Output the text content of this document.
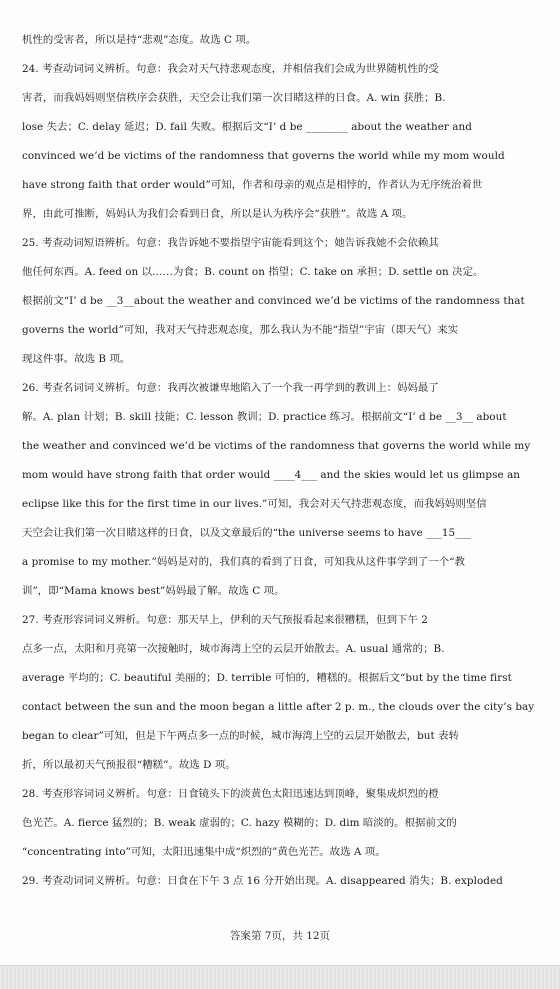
机性的受害者，所以是持“悲观”态度。故选 C 项。
24. 考查动词词义辨析。句意：我会对天气持悲观态度，并相信我们会成为世界随机性的受
害者，而我妈妈则坚信秩序会获胜，天空会让我们第一次目睹这样的日食。A. win 获胜；B.
lose 失去；C. delay 延迟；D. fail 失败。根据后文“I’ d be ________ about the weather and
convinced we’d be victims of the randomness that governs the world while my mom would
have strong faith that order would”可知，作者和母亲的观点是相悖的，作者认为无序统治着世
界，由此可推断，妈妈认为我们会看到日食，所以是认为秩序会“获胜”。故选 A 项。
25. 考查动词短语辨析。句意：我告诉她不要指望宇宙能看到这个；她告诉我她不会依赖其
他任何东西。A. feed on 以……为食；B. count on 指望；C. take on 承担；D. settle on 决定。
根据前文“I’ d be __3__about the weather and convinced we’d be victims of the randomness that
governs the world”可知，我对天气持悲观态度，那么我认为不能“指望”宇宙（即天气）来实
现这件事。故选 B 项。
26. 考查名词词义辨析。句意：我再次被谦卑地陷入了一个我一再学到的教训上：妈妈最了
解。A. plan 计划；B. skill 技能；C. lesson 教训；D. practice 练习。根据前文“I’ d be __3__ about
the weather and convinced we’d be victims of the randomness that governs the world while my
mom would have strong faith that order would ____4___ and the skies would let us glimpse an
eclipse like this for the first time in our lives.”可知，我会对天气持悲观态度，而我妈妈则坚信
天空会让我们第一次目睹这样的日食，以及文章最后的“the universe seems to have ___15___
a promise to my mother.”妈妈是对的，我们真的看到了日食，可知我从这件事学到了一个“教
训”，即“Mama knows best”妈妈最了解。故选 C 项。
27. 考查形容词词义辨析。句意：那天早上，伊利的天气预报看起来很糟糕，但到下午 2
点多一点，太阳和月亮第一次接触时，城市海湾上空的云层开始散去。A. usual 通常的；B.
average 平均的；C. beautiful 美丽的；D. terrible 可怕的，糟糕的。根据后文“but by the time first
contact between the sun and the moon began a little after 2 p. m., the clouds over the city’s bay
began to clear”可知，但是下午两点多一点的时候，城市海湾上空的云层开始散去，but 表转
折，所以最初天气预报很“糟糕”。故选 D 项。
28. 考查形容词词义辨析。句意：日食镜头下的淡黄色太阳迅速达到顶峰，聚集成炽烈的橙
色光芒。A. fierce 猛烈的；B. weak 虚弱的；C. hazy 模糊的；D. dim 暗淡的。根据前文的
“concentrating into”可知，太阳迅速集中成“炽烈的”黄色光芒。故选 A 项。
29. 考查动词词义辨析。句意：日食在下午 3 点 16 分开始出现。A. disappeared 消失；B. exploded
答案第 7页，共 12页
